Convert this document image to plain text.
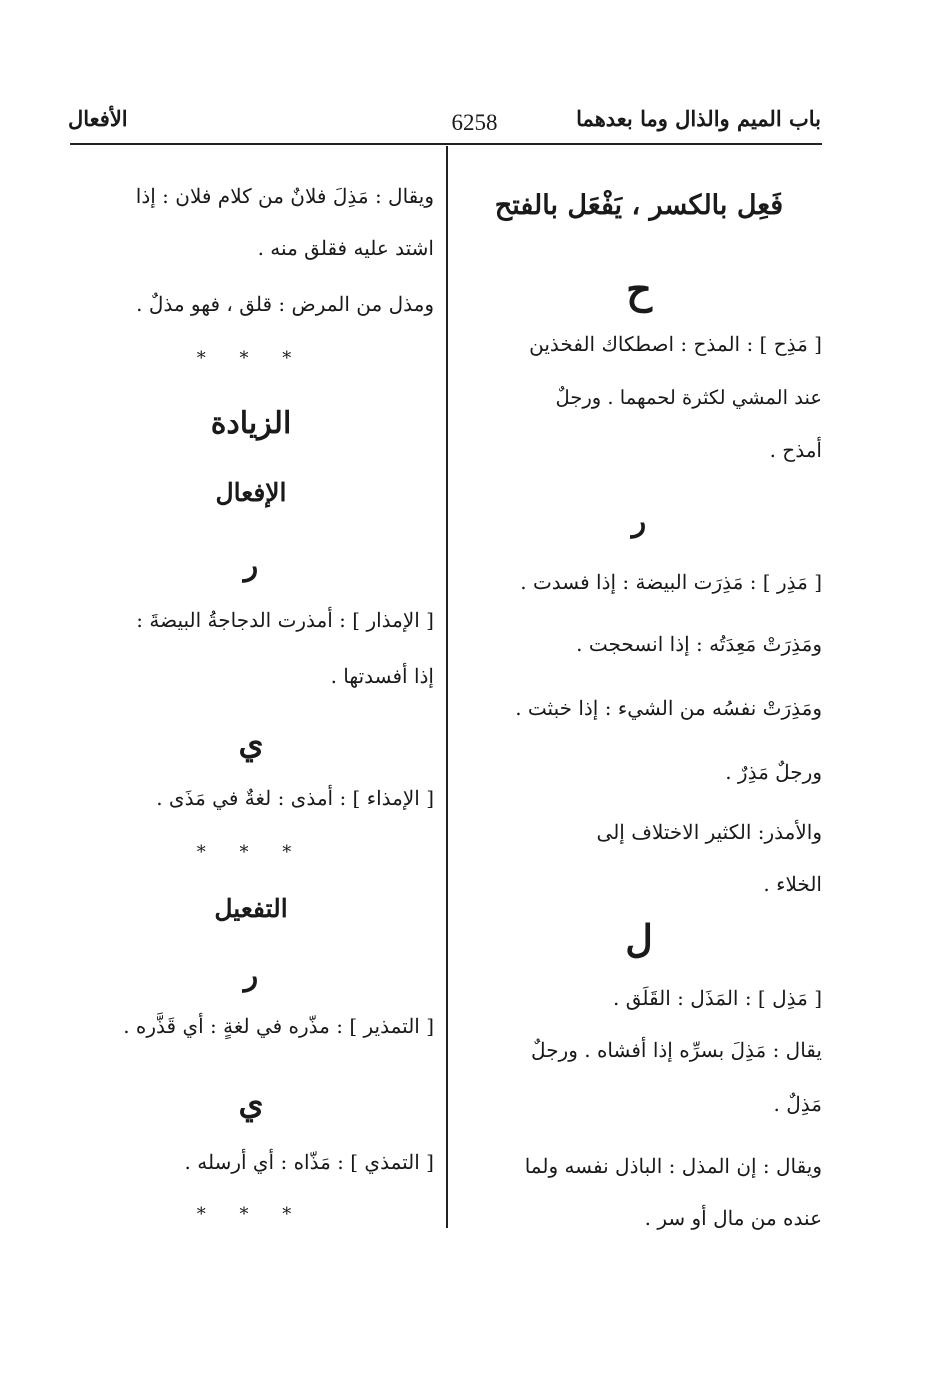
باب الميم والذال وما بعدهما
6258
الأفعال
فَعِل بالكسر ، يَفْعَل بالفتح
ح
[ مَذِح ] : المذح : اصطكاك الفخذين
عند المشي لكثرة لحمهما . ورجلٌ
أمذح .
ر
[ مَذِر ] : مَذِرَت البيضة : إذا فسدت .
ومَذِرَتْ مَعِدَتُه : إذا انسحجت .
ومَذِرَتْ نفسُه من الشيء : إذا خبثت .
ورجلٌ مَذِرٌ .
والأمذر: الكثير الاختلاف إلى
الخلاء .
ل
[ مَذِل ] : المَذَل : القَلَق .
يقال : مَذِلَ بسرِّه إذا أفشاه . ورجلٌ
مَذِلٌ .
ويقال : إن المذل : الباذل نفسه ولما
عنده من مال أو سر .
ويقال : مَذِلَ فلانٌ من كلام فلان : إذا
اشتد عليه فقلق منه .
ومذل من المرض : قلق ، فهو مذلٌ .
* * *
الزيادة
الإفعال
ر
[ الإمذار ] : أمذرت الدجاجةُ البيضةَ :
إذا أفسدتها .
ي
[ الإمذاء ] : أمذى : لغةٌ في مَذَى .
* * *
التفعيل
ر
[ التمذير ] : مذّره في لغةٍ : أي قَذَّره .
ي
[ التمذي ] : مَذّاه : أي أرسله .
* * *
